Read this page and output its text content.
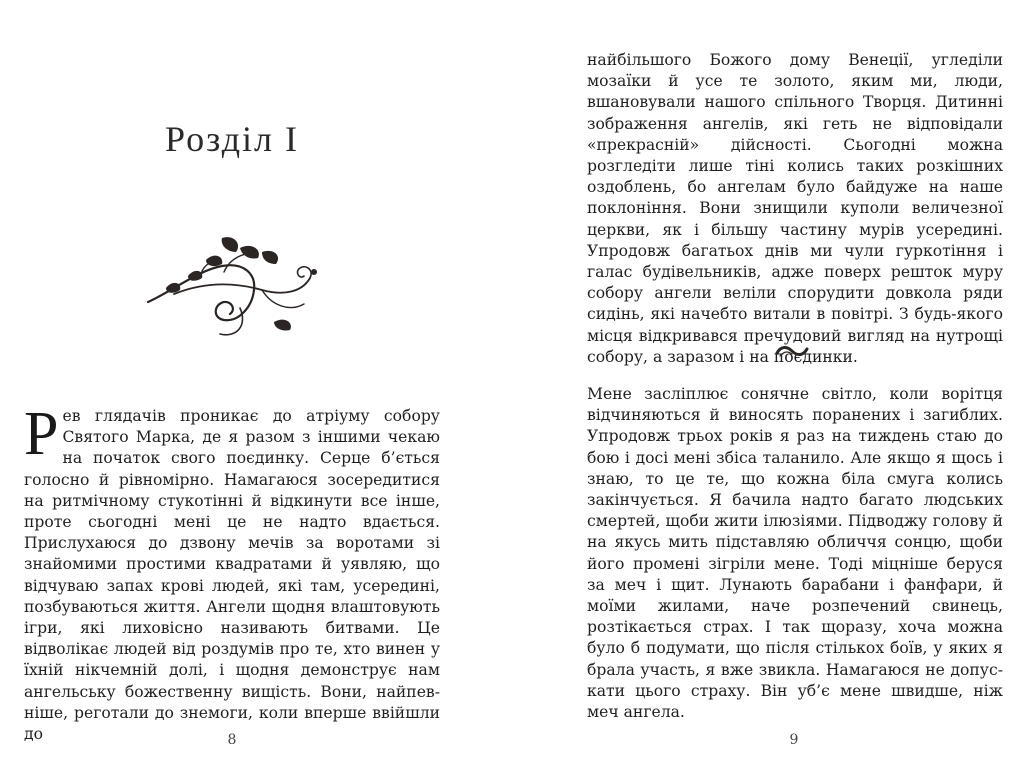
Розділ I
Р ев глядачів проникає до атріуму собору Святого Марка, де я разом з іншими чекаю на початок свого поєдинку. Серце б’ється голосно й рівномірно. Намагаюся зосередитися на ритмічному стукотінні й відкинути все інше, проте сьогодні мені це не надто вдається. Прислухаюся до дзвону мечів за воротами зі знайомими простими квадратами й уявляю, що відчуваю запах крові людей, які там, усередині, позбуваються життя. Ангели щодня влаштовують ігри, які лиховісно називають битвами. Це відволікає людей від роздумів про те, хто винен у їхній нікчемній долі, і щодня демонструє нам ангельську божественну вищість. Вони, найпевніше, реготали до знемоги, коли вперше ввійшли до	8

найбільшого Божого дому Венеції, угледіли мозаїки й усе те золото, яким ми, люди, вшановували нашого спільного Творця. Дитинні зображення ангелів, які геть не відповідали «прекрасній» дійсності. Сьогодні можна розгледіти лише тіні колись таких розкішних оздоблень, бо ангелам було байдуже на наше поклоніння. Вони знищили куполи величезної церкви, як і більшу частину мурів усередині. Упродовж багатьох днів ми чули гуркотіння і галас будівельників, адже поверх решток муру собору ангели веліли спорудити довкола ряди сидінь, які начебто витали в повітрі. З будь-якого місця відкривався пречудовий вигляд на нутрощі собору, а заразом і на поєдинки.

Мене засліплює сонячне світло, коли ворітця відчиняються й виносять поранених і загиблих. Упродовж трьох років я раз на тиждень стаю до бою і досі мені збіса таланило. Але якщо я щось і знаю, то це те, що кожна біла смуга колись закінчується. Я бачила надто багато людських смертей, щоби жити ілюзіями. Підводжу голову й на якусь мить підставляю обличчя сонцю, щоби його промені зігріли мене. Тоді міцніше беруся за меч і щит. Лунають барабани і фанфари, й моїми жилами, наче розпечений свинець, розтікається страх. І так щоразу, хоча можна було б подумати, що після стількох боїв, у яких я брала участь, я вже звикла. Намагаюся не допускати цього страху. Він уб’є мене швидше, ніж меч ангела.

9
